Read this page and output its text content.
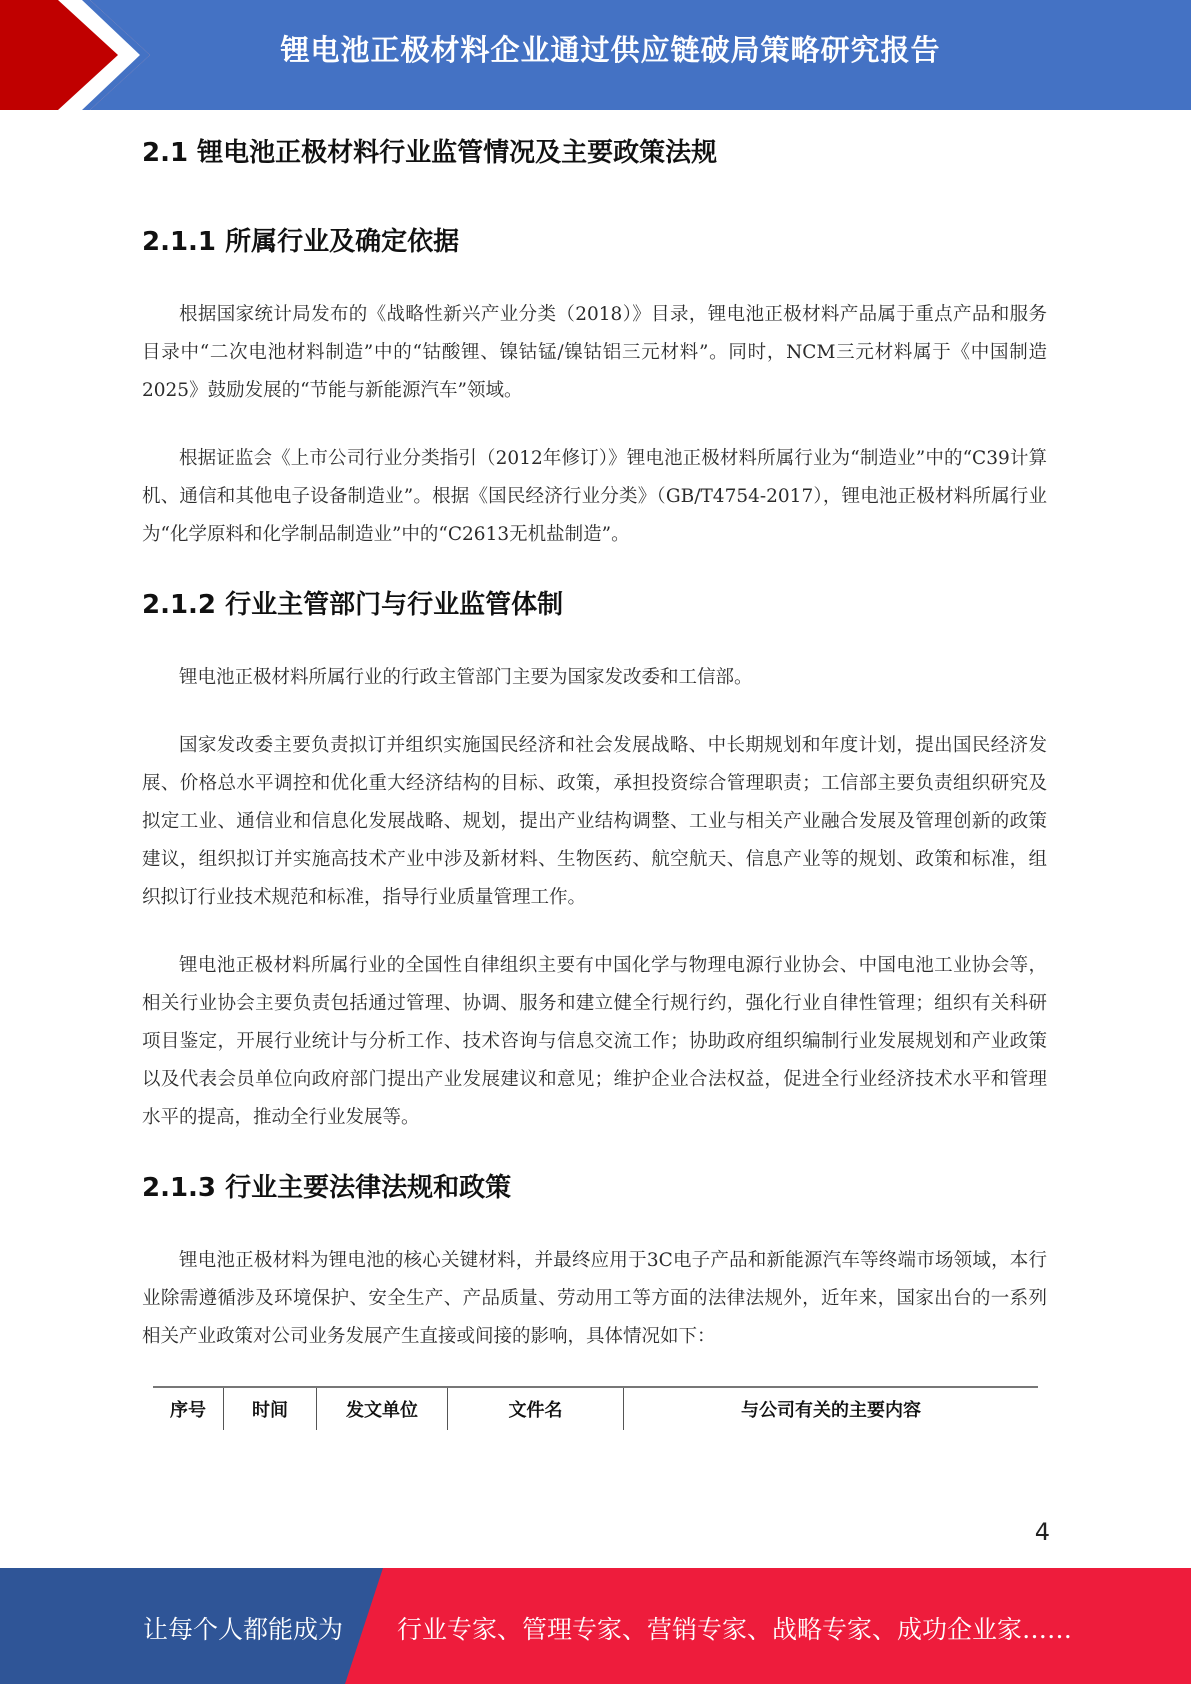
锂电池正极材料企业通过供应链破局策略研究报告
2.1 锂电池正极材料行业监管情况及主要政策法规
2.1.1 所属行业及确定依据

根据国家统计局发布的《战略性新兴产业分类（2018）》目录，锂电池正极材料产品属于重点产品和服务目录中“二次电池材料制造”中的“钴酸锂、镍钴锰/镍钴铝三元材料”。同时，NCM三元材料属于《中国制造2025》鼓励发展的“节能与新能源汽车”领域。

根据证监会《上市公司行业分类指引（2012年修订）》锂电池正极材料所属行业为“制造业”中的“C39计算机、通信和其他电子设备制造业”。根据《国民经济行业分类》（GB/T4754-2017），锂电池正极材料所属行业为“化学原料和化学制品制造业”中的“C2613无机盐制造”。

2.1.2 行业主管部门与行业监管体制

锂电池正极材料所属行业的行政主管部门主要为国家发改委和工信部。

国家发改委主要负责拟订并组织实施国民经济和社会发展战略、中长期规划和年度计划，提出国民经济发展、价格总水平调控和优化重大经济结构的目标、政策，承担投资综合管理职责；工信部主要负责组织研究及拟定工业、通信业和信息化发展战略、规划，提出产业结构调整、工业与相关产业融合发展及管理创新的政策建议，组织拟订并实施高技术产业中涉及新材料、生物医药、航空航天、信息产业等的规划、政策和标准，组织拟订行业技术规范和标准，指导行业质量管理工作。

锂电池正极材料所属行业的全国性自律组织主要有中国化学与物理电源行业协会、中国电池工业协会等，相关行业协会主要负责包括通过管理、协调、服务和建立健全行规行约，强化行业自律性管理；组织有关科研项目鉴定，开展行业统计与分析工作、技术咨询与信息交流工作；协助政府组织编制行业发展规划和产业政策以及代表会员单位向政府部门提出产业发展建议和意见；维护企业合法权益，促进全行业经济技术水平和管理水平的提高，推动全行业发展等。

2.1.3 行业主要法律法规和政策

锂电池正极材料为锂电池的核心关键材料，并最终应用于3C电子产品和新能源汽车等终端市场领域，本行业除需遵循涉及环境保护、安全生产、产品质量、劳动用工等方面的法律法规外，近年来，国家出台的一系列相关产业政策对公司业务发展产生直接或间接的影响，具体情况如下：

序号	时间	发文单位	文件名	与公司有关的主要内容
4
让每个人都能成为 行业专家、管理专家、营销专家、战略专家、成功企业家……
